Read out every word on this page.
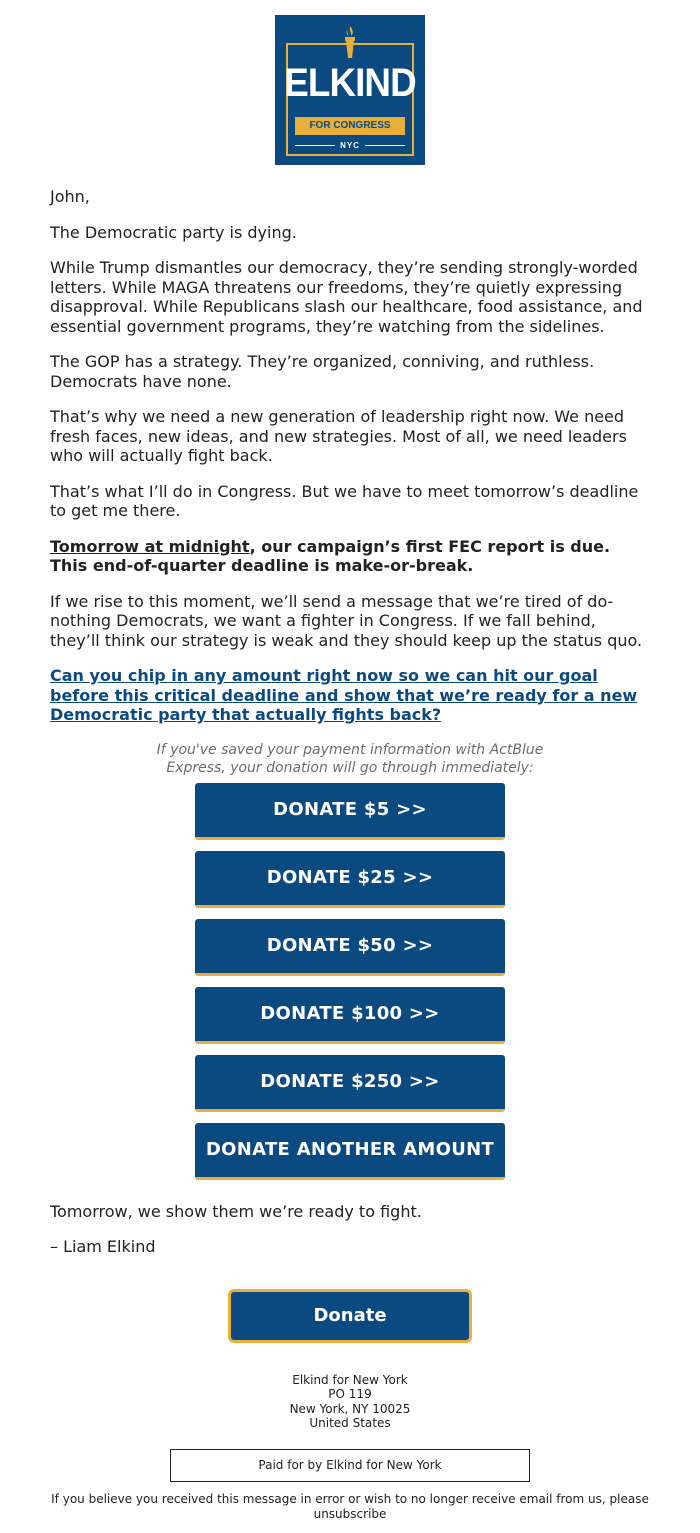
ELKIND
FOR CONGRESS
NYC

John,

The Democratic party is dying.

While Trump dismantles our democracy, they’re sending strongly-worded letters. While MAGA threatens our freedoms, they’re quietly expressing disapproval. While Republicans slash our healthcare, food assistance, and essential government programs, they’re watching from the sidelines.

The GOP has a strategy. They’re organized, conniving, and ruthless. Democrats have none.

That’s why we need a new generation of leadership right now. We need fresh faces, new ideas, and new strategies. Most of all, we need leaders who will actually fight back.

That’s what I’ll do in Congress. But we have to meet tomorrow’s deadline to get me there.

Tomorrow at midnight, our campaign’s first FEC report is due. This end-of-quarter deadline is make-or-break.

If we rise to this moment, we’ll send a message that we’re tired of do-nothing Democrats, we want a fighter in Congress. If we fall behind, they’ll think our strategy is weak and they should keep up the status quo.

Can you chip in any amount right now so we can hit our goal before this critical deadline and show that we’re ready for a new Democratic party that actually fights back?
If you've saved your payment information with ActBlue Express, your donation will go through immediately:
DONATE $5 >>
DONATE $25 >>
DONATE $50 >>
DONATE $100 >>
DONATE $250 >>
DONATE ANOTHER AMOUNT

Tomorrow, we show them we’re ready to fight.

– Liam Elkind

Donate
Elkind for New York
PO 119
New York, NY 10025
United States
Paid for by Elkind for New York
If you believe you received this message in error or wish to no longer receive email from us, please unsubscribe
